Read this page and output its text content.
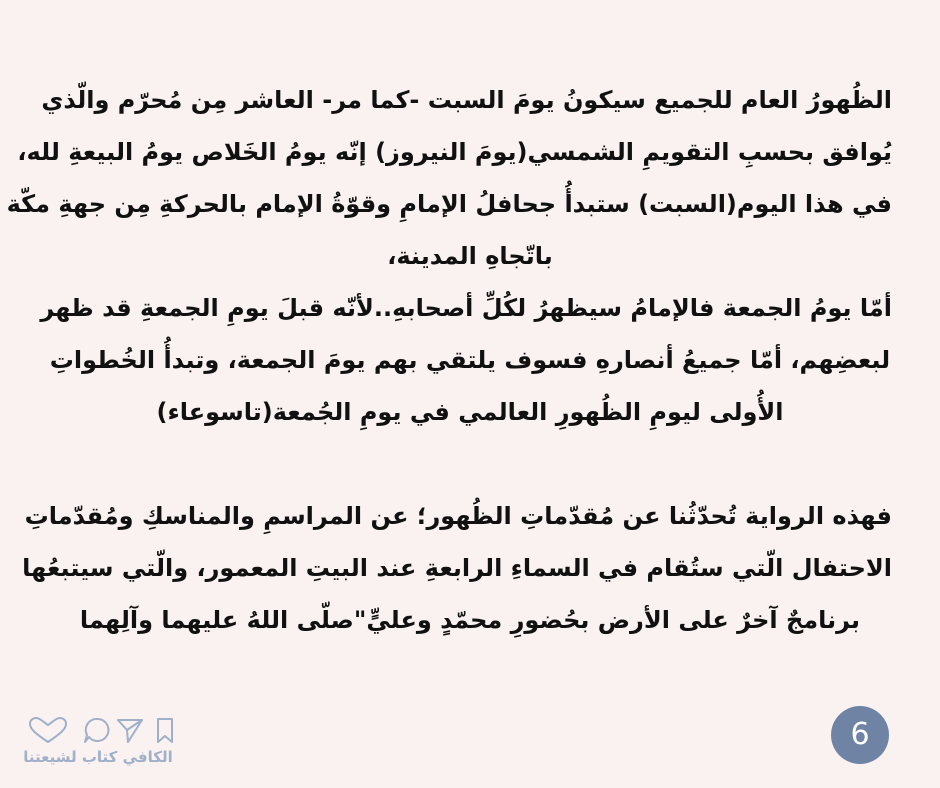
الظُهورُ العام للجميع سيكونُ يومَ السبت -كما مر- العاشر مِن مُحرّم والّذي
يُوافق بحسبِ التقويمِ الشمسي(يومَ النيروز) إنّه يومُ الخَلاص يومُ البيعةِ لله،
في هذا اليوم(السبت) ستبدأُ جحافلُ الإمامِ وقوّةُ الإمام بالحركةِ مِن جهةِ مكّة
باتّجاهِ المدينة،
أمّا يومُ الجمعة فالإمامُ سيظهرُ لكُلِّ أصحابهِ..لأنّه قبلَ يومِ الجمعةِ قد ظهر
لبعضِهم، أمّا جميعُ أنصارهِ فسوف يلتقي بهم يومَ الجمعة، وتبدأُ الخُطواتِ
الأُولى ليومِ الظُهورِ العالمي في يومِ الجُمعة(تاسوعاء)
فهذه الرواية تُحدّثُنا عن مُقدّماتِ الظُهور؛ عن المراسمِ والمناسكِ ومُقدّماتِ
الاحتفال الّتي ستُقام في السماءِ الرابعةِ عند البيتِ المعمور، والّتي سيتبعُها
برنامجٌ آخرٌ على الأرض بحُضورِ محمّدٍ وعليٍّ"صلّى اللهُ عليهما وآلِهما
الكافي كتاب لشيعتنا
6
